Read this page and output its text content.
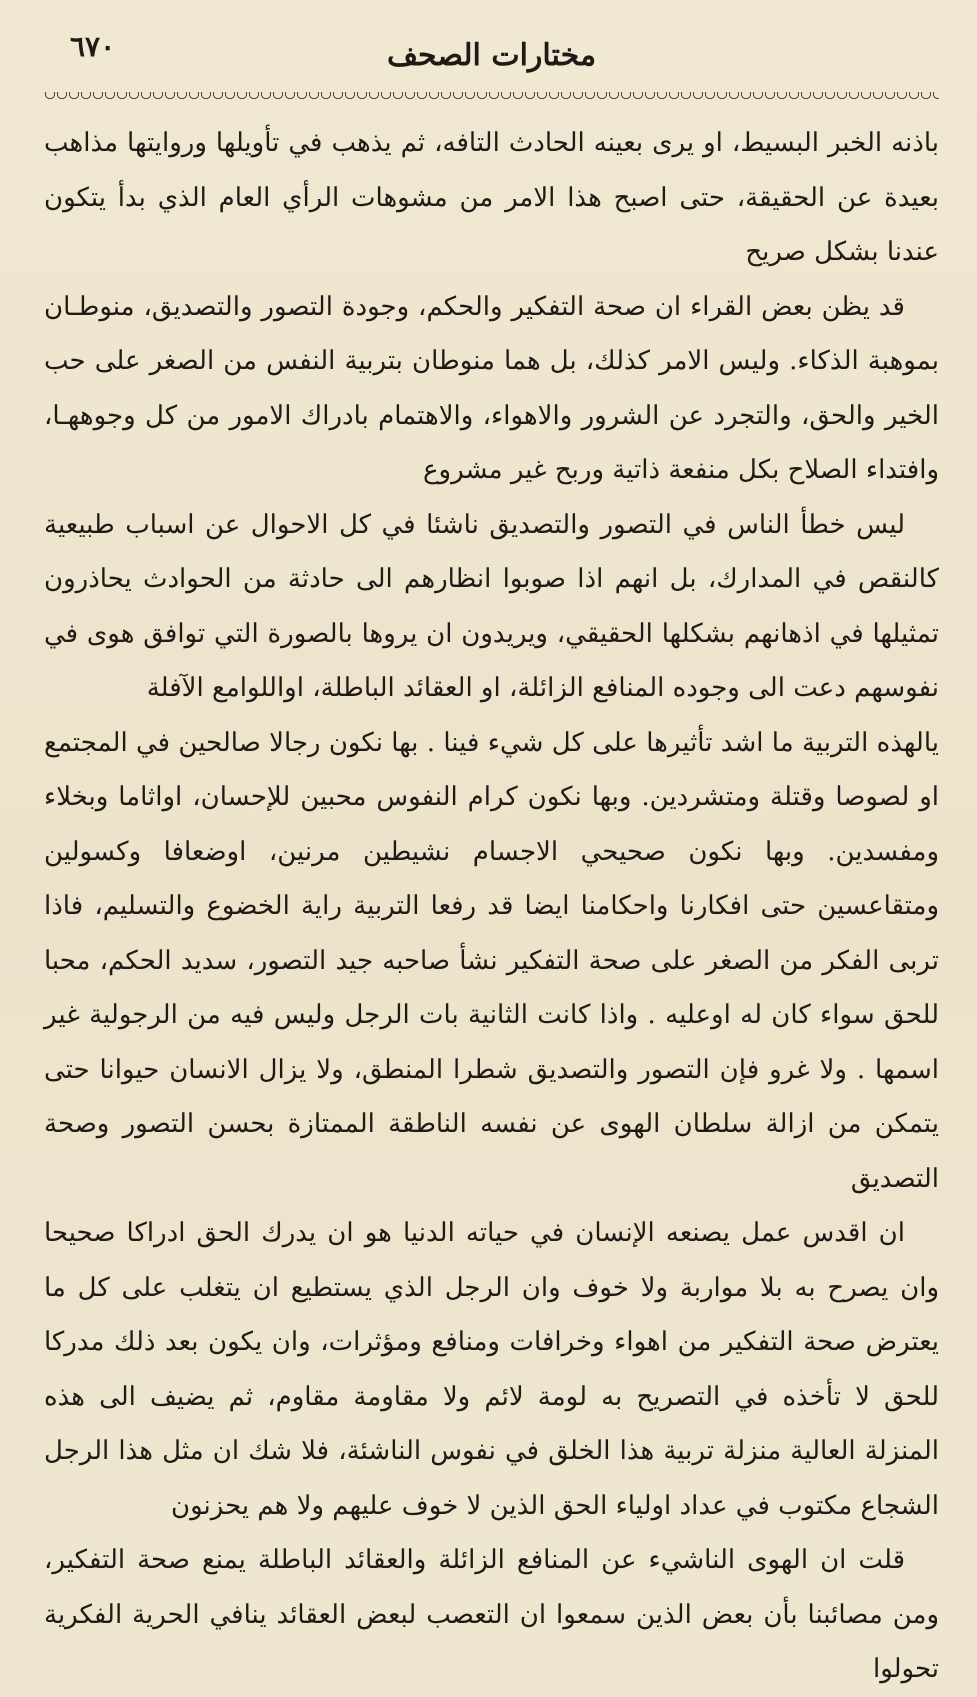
٦٧٠	مختارات الصحف

باذنه الخبر البسيط، او يرى بعينه الحادث التافه، ثم يذهب في تأويلها وروايتها مذاهب بعيدة عن الحقيقة، حتى اصبح هذا الامر من مشوهات الرأي العام الذي بدأ يتكون عندنا بشكل صريح

قد يظن بعض القراء ان صحة التفكير والحكم، وجودة التصور والتصديق، منوطـان بموهبة الذكاء. وليس الامر كذلك، بل هما منوطان بتربية النفس من الصغر على حب الخير والحق، والتجرد عن الشرور والاهواء، والاهتمام بادراك الامور من كل وجوههـا، وافتداء الصلاح بكل منفعة ذاتية وربح غير مشروع

ليس خطأ الناس في التصور والتصديق ناشئا في كل الاحوال عن اسباب طبيعية كالنقص في المدارك، بل انهم اذا صوبوا انظارهم الى حادثة من الحوادث يحاذرون تمثيلها في اذهانهم بشكلها الحقيقي، ويريدون ان يروها بالصورة التي توافق هوى في نفوسهم دعت الى وجوده المنافع الزائلة، او العقائد الباطلة، اواللوامع الآفلة

يالهذه التربية ما اشد تأثيرها على كل شيء فينا . بها نكون رجالا صالحين في المجتمع او لصوصا وقتلة ومتشردين. وبها نكون كرام النفوس محبين للإحسان، اواثاما وبخلاء ومفسدين. وبها نكون صحيحي الاجسام نشيطين مرنين، اوضعافا وكسولين ومتقاعسين حتى افكارنا واحكامنا ايضا قد رفعا التربية راية الخضوع والتسليم، فاذا تربى الفكر من الصغر على صحة التفكير نشأ صاحبه جيد التصور، سديد الحكم، محبا للحق سواء كان له اوعليه . واذا كانت الثانية بات الرجل وليس فيه من الرجولية غير اسمها . ولا غرو فإن التصور والتصديق شطرا المنطق، ولا يزال الانسان حيوانا حتى يتمكن من ازالة سلطان الهوى عن نفسه الناطقة الممتازة بحسن التصور وصحة التصديق

ان اقدس عمل يصنعه الإنسان في حياته الدنيا هو ان يدرك الحق ادراكا صحيحا وان يصرح به بلا مواربة ولا خوف وان الرجل الذي يستطيع ان يتغلب على كل ما يعترض صحة التفكير من اهواء وخرافات ومنافع ومؤثرات، وان يكون بعد ذلك مدركا للحق لا تأخذه في التصريح به لومة لائم ولا مقاومة مقاوم، ثم يضيف الى هذه المنزلة العالية منزلة تربية هذا الخلق في نفوس الناشئة، فلا شك ان مثل هذا الرجل الشجاع مكتوب في عداد اولياء الحق الذين لا خوف عليهم ولا هم يحزنون

قلت ان الهوى الناشيء عن المنافع الزائلة والعقائد الباطلة يمنع صحة التفكير، ومن مصائبنا بأن بعض الذين سمعوا ان التعصب لبعض العقائد ينافي الحرية الفكرية تحولوا
